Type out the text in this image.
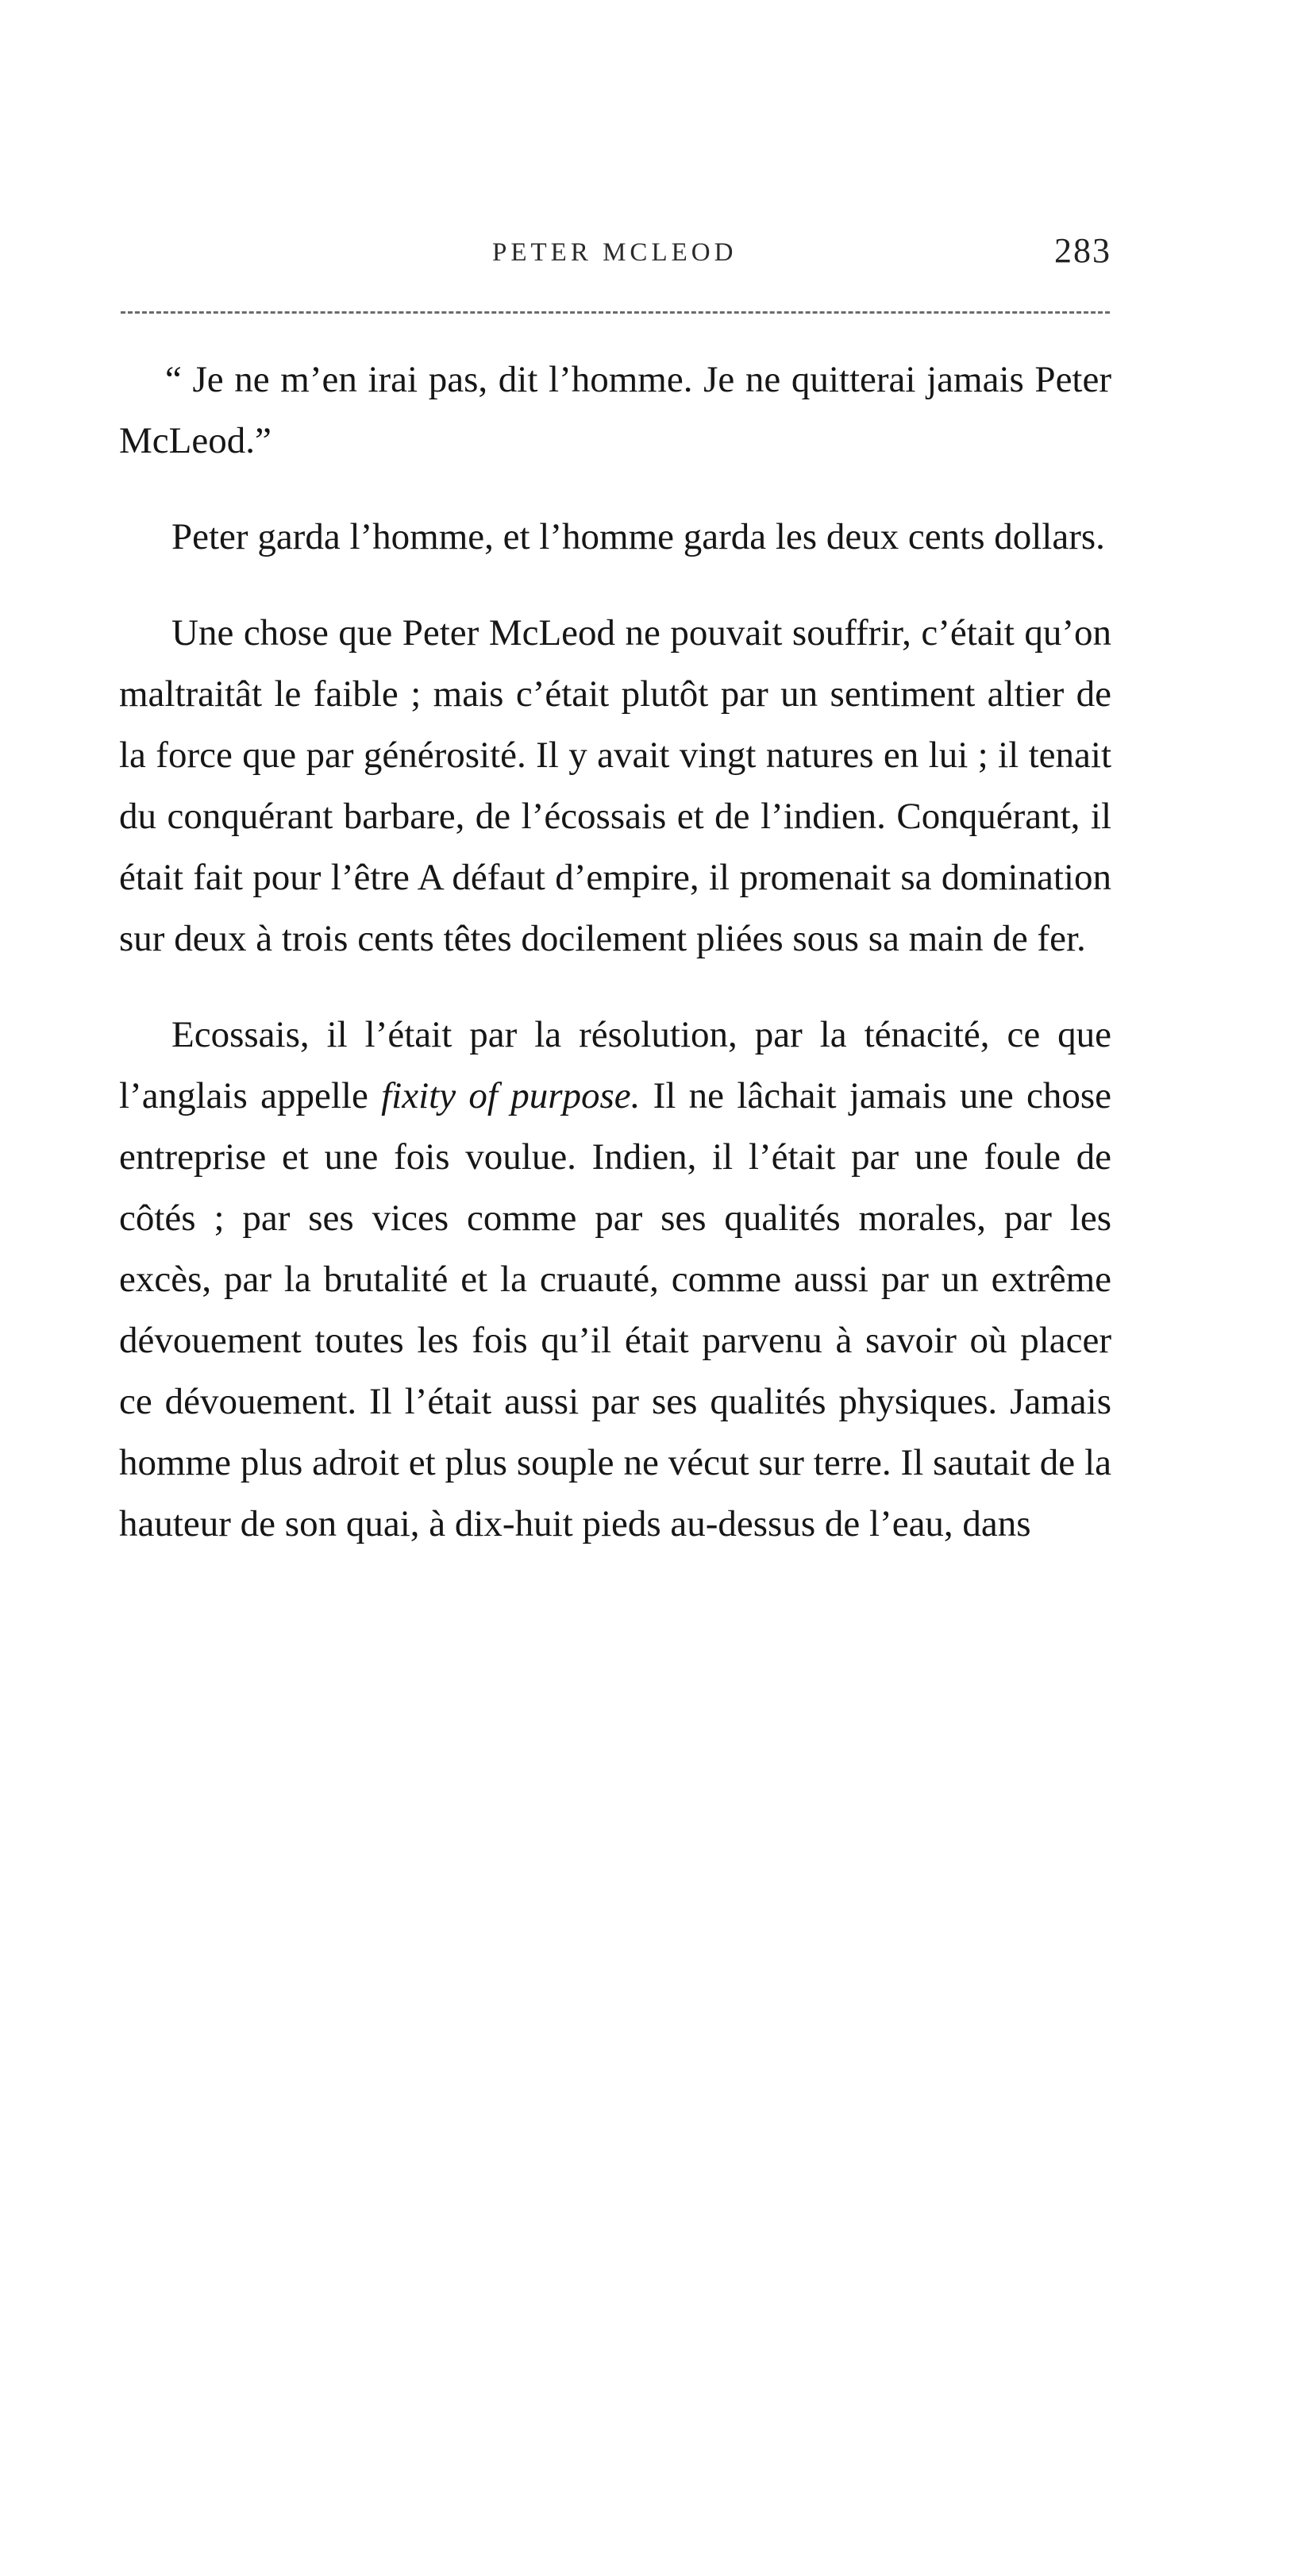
PETER MCLEOD	283

“ Je ne m’en irai pas, dit l’homme. Je ne quitterai jamais Peter McLeod.”

Peter garda l’homme, et l’homme garda les deux cents dollars.

Une chose que Peter McLeod ne pouvait souffrir, c’était qu’on maltraitât le faible ; mais c’était plutôt par un sentiment altier de la force que par générosité. Il y avait vingt natures en lui ; il tenait du conquérant barbare, de l’écossais et de l’indien. Conquérant, il était fait pour l’être A défaut d’empire, il promenait sa domination sur deux à trois cents têtes docilement pliées sous sa main de fer.

Ecossais, il l’était par la résolution, par la ténacité, ce que l’anglais appelle fixity of purpose. Il ne lâchait jamais une chose entreprise et une fois voulue. Indien, il l’était par une foule de côtés ; par ses vices comme par ses qualités morales, par les excès, par la brutalité et la cruauté, comme aussi par un extrême dévouement toutes les fois qu’il était parvenu à savoir où placer ce dévouement. Il l’était aussi par ses qualités physiques. Jamais homme plus adroit et plus souple ne vécut sur terre. Il sautait de la hauteur de son quai, à dix-huit pieds au-dessus de l’eau, dans
